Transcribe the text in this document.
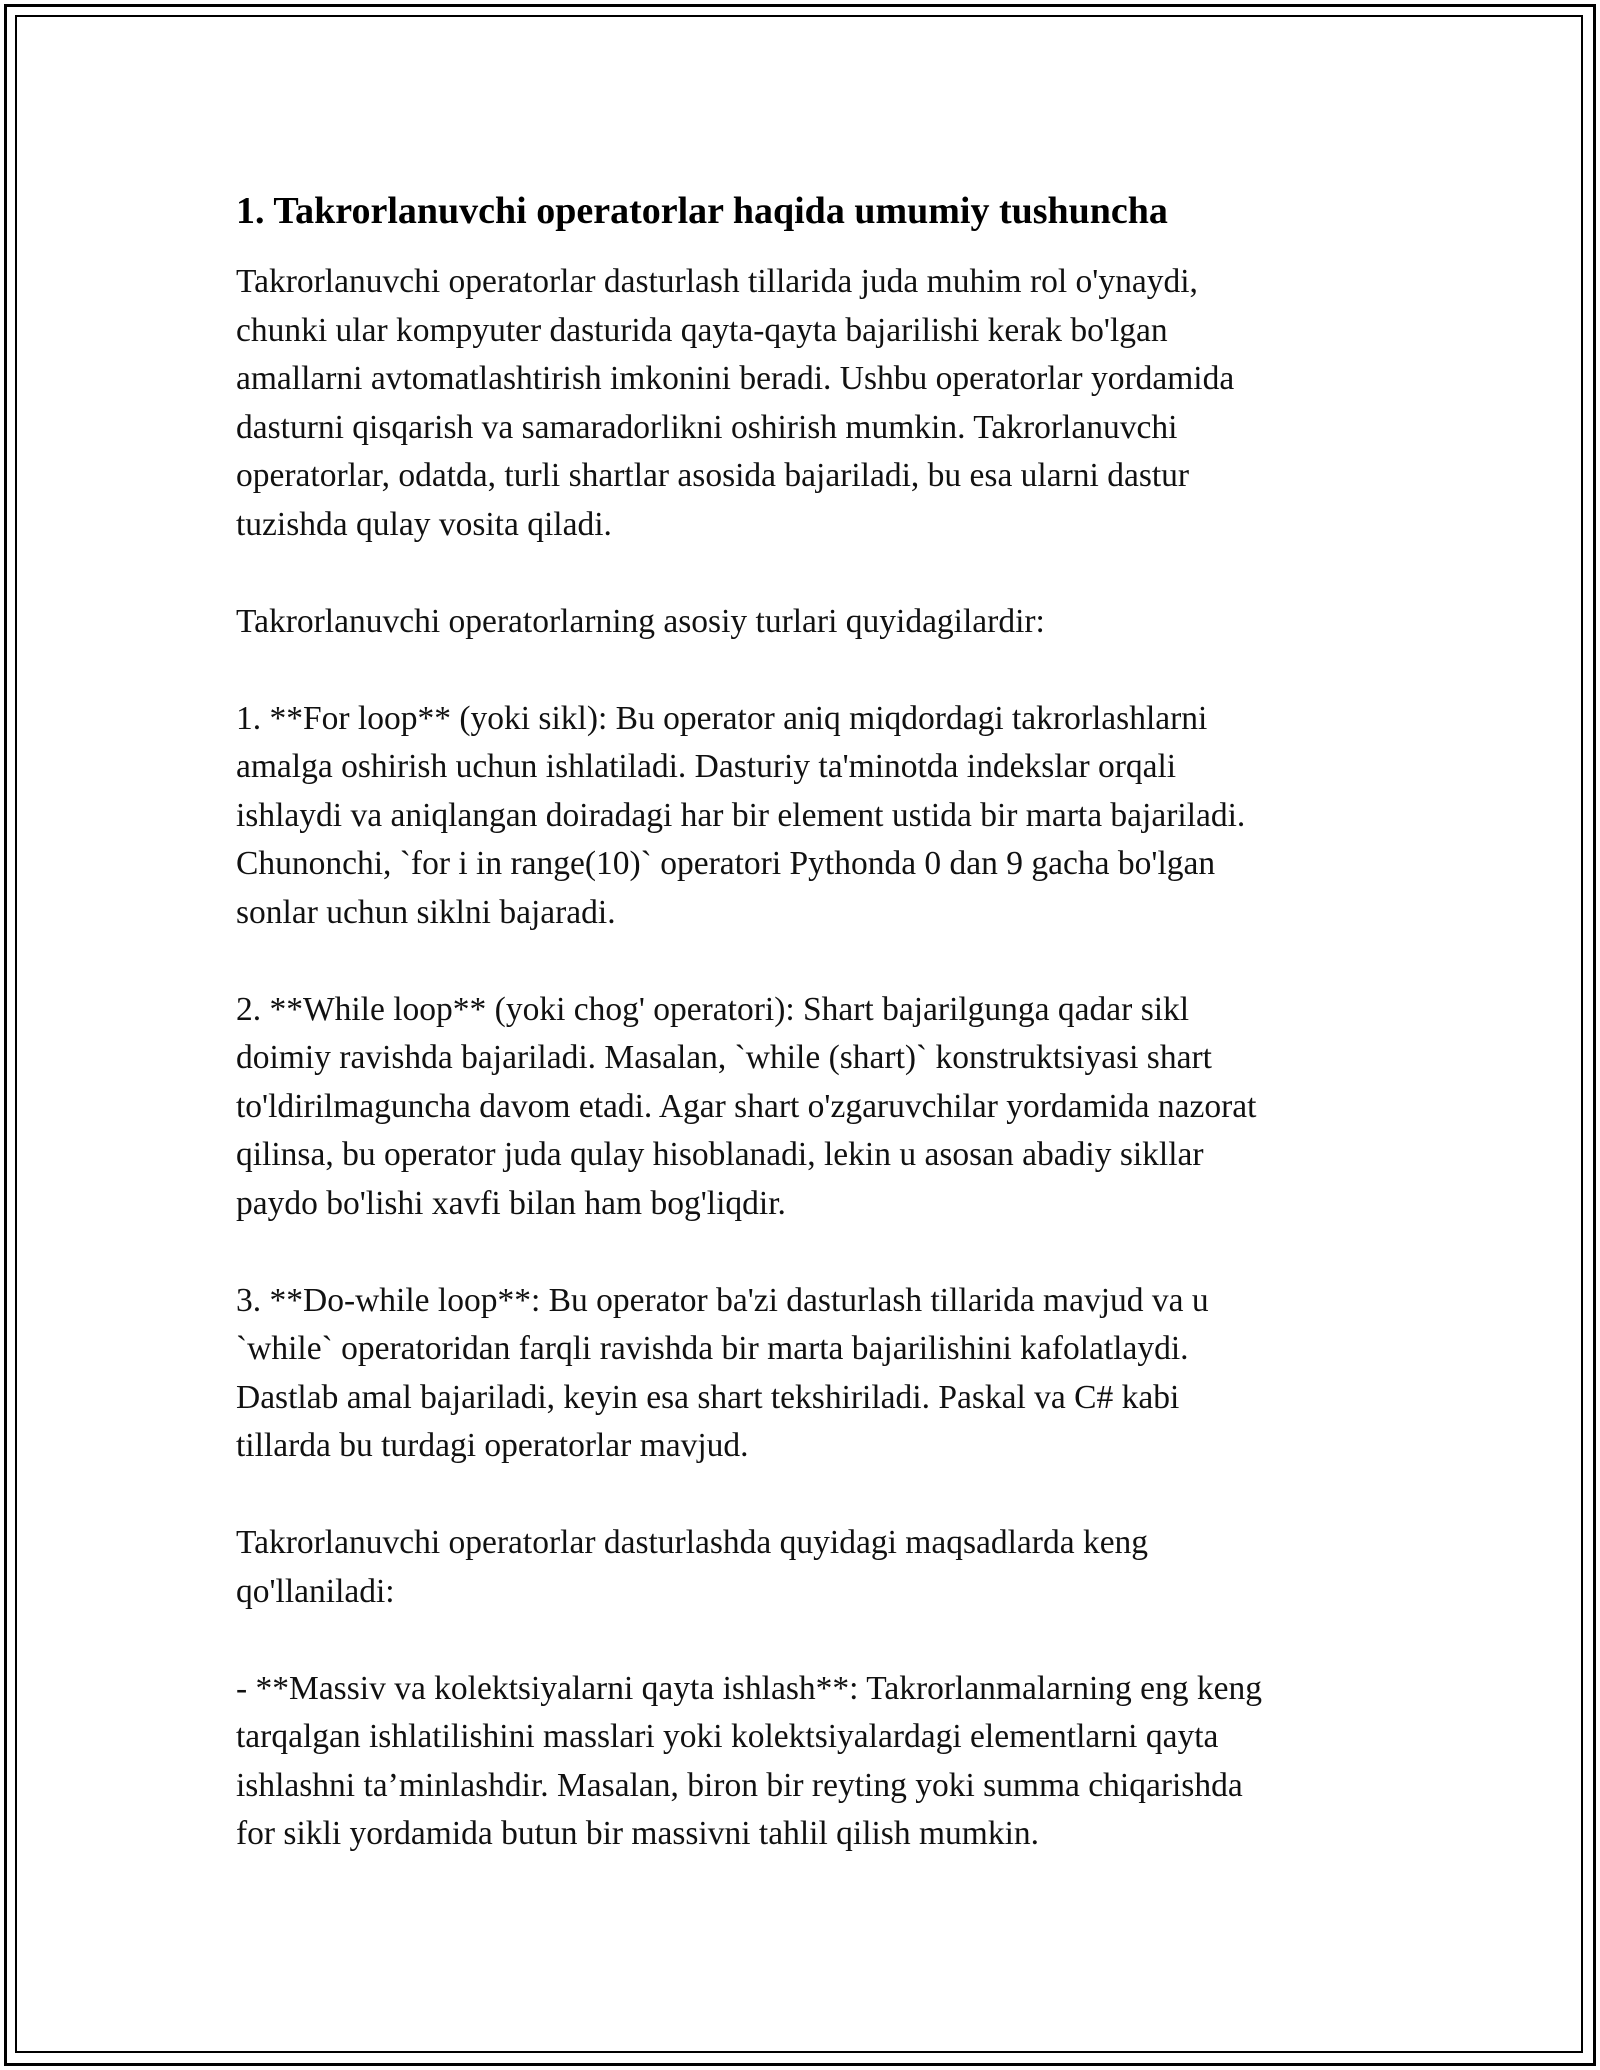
1. Takrorlanuvchi operatorlar haqida umumiy tushuncha

Takrorlanuvchi operatorlar dasturlash tillarida juda muhim rol o'ynaydi,
chunki ular kompyuter dasturida qayta-qayta bajarilishi kerak bo'lgan
amallarni avtomatlashtirish imkonini beradi. Ushbu operatorlar yordamida
dasturni qisqarish va samaradorlikni oshirish mumkin. Takrorlanuvchi
operatorlar, odatda, turli shartlar asosida bajariladi, bu esa ularni dastur
tuzishda qulay vosita qiladi.

Takrorlanuvchi operatorlarning asosiy turlari quyidagilardir:

1. **For loop** (yoki sikl): Bu operator aniq miqdordagi takrorlashlarni
amalga oshirish uchun ishlatiladi. Dasturiy ta'minotda indekslar orqali
ishlaydi va aniqlangan doiradagi har bir element ustida bir marta bajariladi.
Chunonchi, `for i in range(10)` operatori Pythonda 0 dan 9 gacha bo'lgan
sonlar uchun siklni bajaradi.

2. **While loop** (yoki chog' operatori): Shart bajarilgunga qadar sikl
doimiy ravishda bajariladi. Masalan, `while (shart)` konstruktsiyasi shart
to'ldirilmaguncha davom etadi. Agar shart o'zgaruvchilar yordamida nazorat
qilinsa, bu operator juda qulay hisoblanadi, lekin u asosan abadiy sikllar
paydo bo'lishi xavfi bilan ham bog'liqdir.

3. **Do-while loop**: Bu operator ba'zi dasturlash tillarida mavjud va u
`while` operatoridan farqli ravishda bir marta bajarilishini kafolatlaydi.
Dastlab amal bajariladi, keyin esa shart tekshiriladi. Paskal va C# kabi
tillarda bu turdagi operatorlar mavjud.

Takrorlanuvchi operatorlar dasturlashda quyidagi maqsadlarda keng
qo'llaniladi:

- **Massiv va kolektsiyalarni qayta ishlash**: Takrorlanmalarning eng keng
tarqalgan ishlatilishini masslari yoki kolektsiyalardagi elementlarni qayta
ishlashni ta’minlashdir. Masalan, biron bir reyting yoki summa chiqarishda
for sikli yordamida butun bir massivni tahlil qilish mumkin.
